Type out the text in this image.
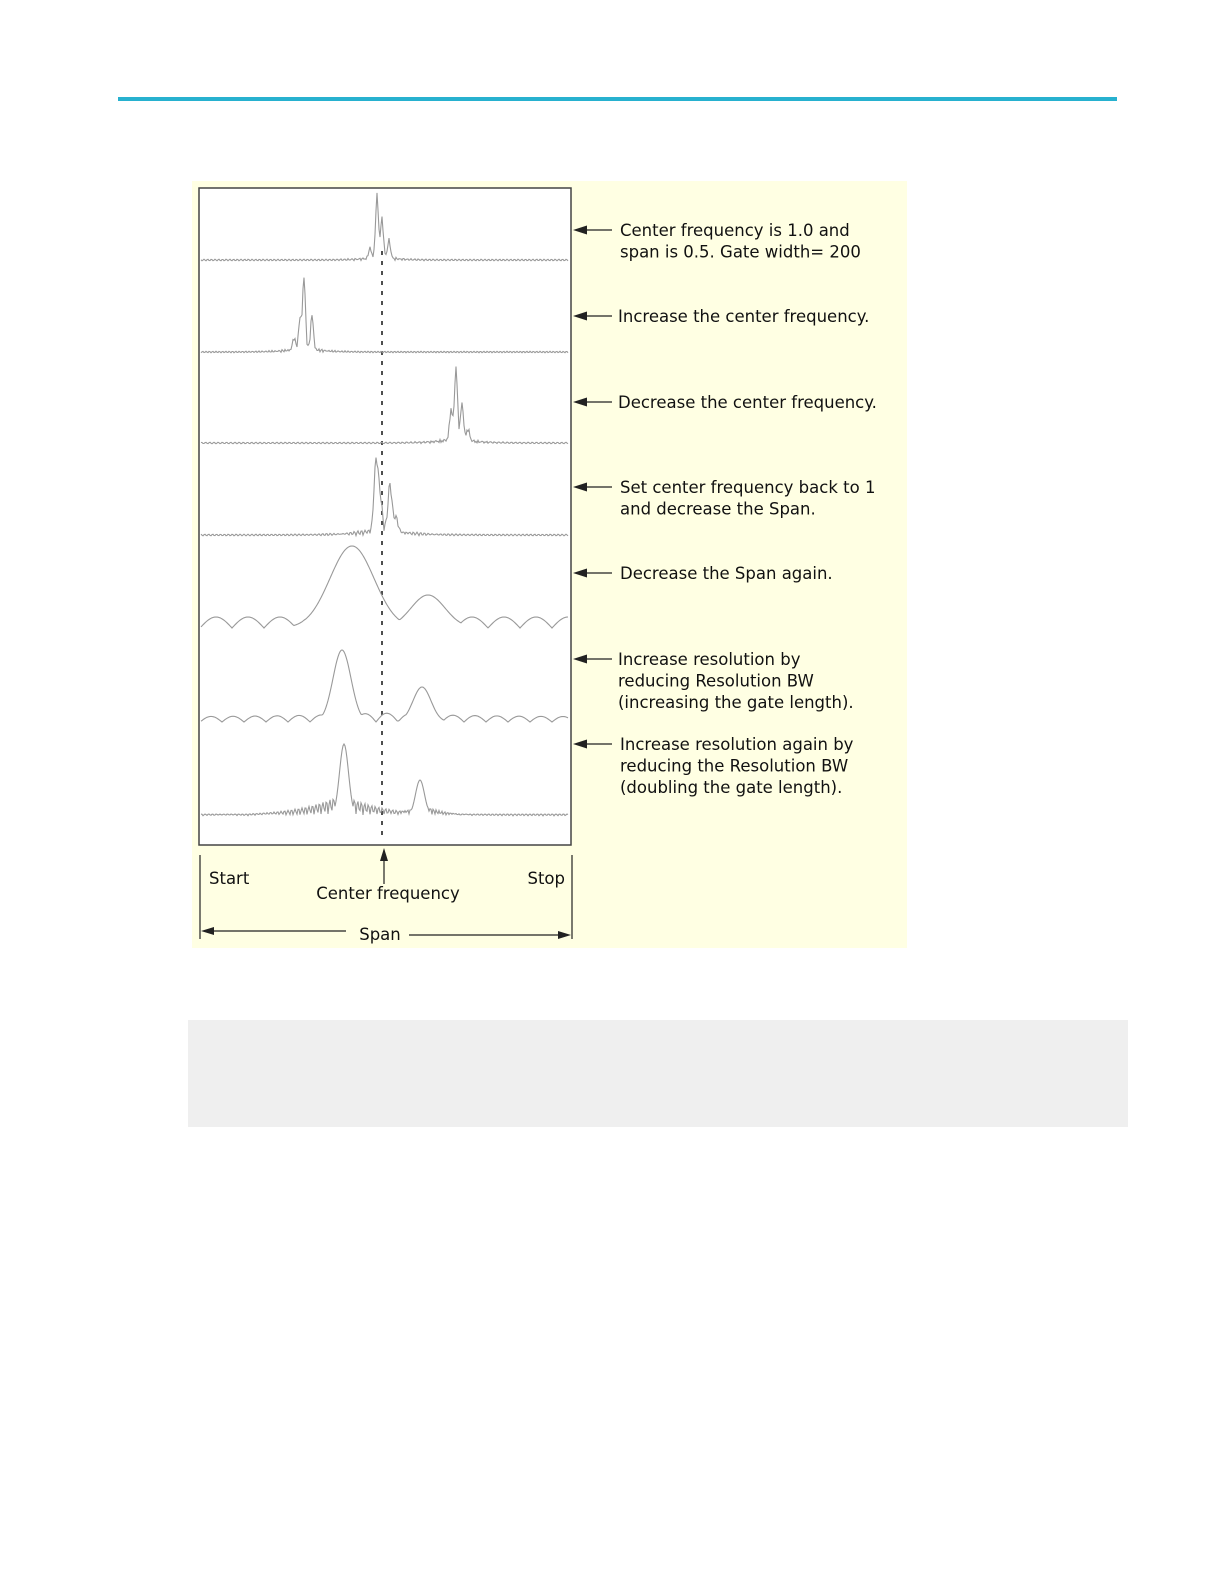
Center frequency is 1.0 and
span is 0.5. Gate width= 200
Increase the center frequency.
Decrease the center frequency.
Set center frequency back to 1
and decrease the Span.
Decrease the Span again.
Increase resolution by
reducing Resolution BW
(increasing the gate length).
Increase resolution again by
reducing the Resolution BW
(doubling the gate length).
Start	Stop
Center frequency
Span
